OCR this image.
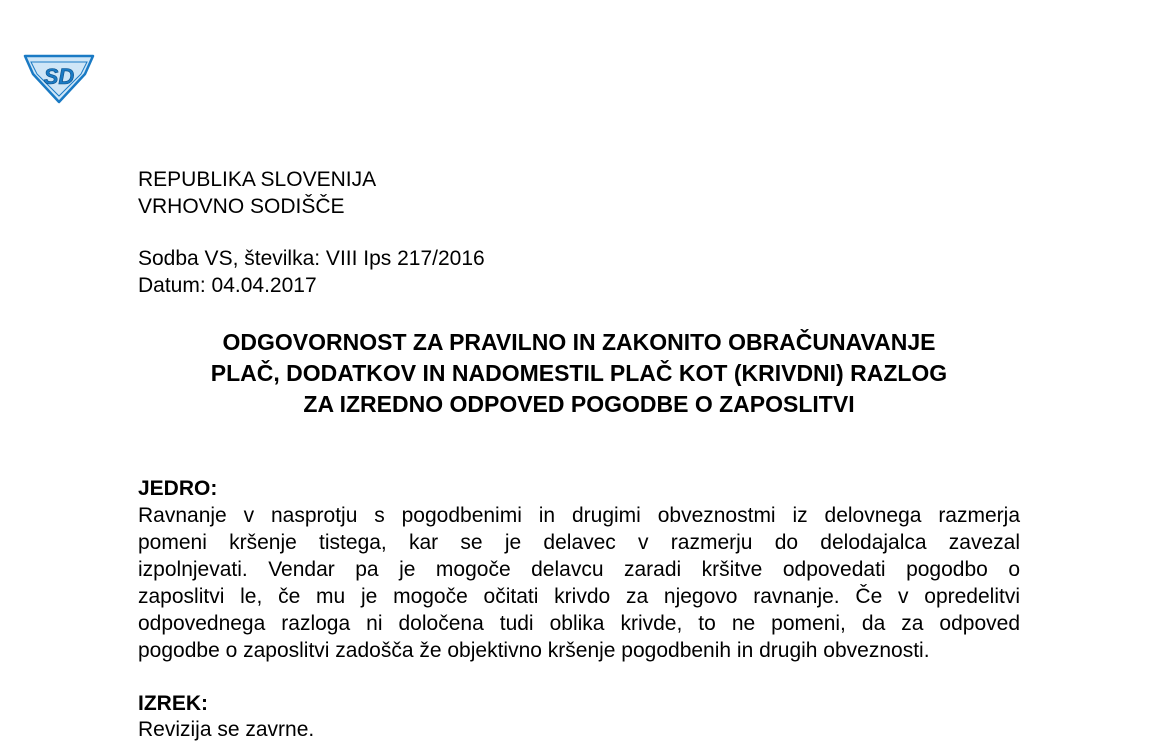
SD
REPUBLIKA SLOVENIJA
VRHOVNO SODIŠČE
Sodba VS, številka: VIII Ips 217/2016
Datum: 04.04.2017
ODGOVORNOST ZA PRAVILNO IN ZAKONITO OBRAČUNAVANJE
PLAČ, DODATKOV IN NADOMESTIL PLAČ KOT (KRIVDNI) RAZLOG
ZA IZREDNO ODPOVED POGODBE O ZAPOSLITVI
JEDRO:
Ravnanje v nasprotju s pogodbenimi in drugimi obveznostmi iz delovnega razmerja
pomeni kršenje tistega, kar se je delavec v razmerju do delodajalca zavezal
izpolnjevati. Vendar pa je mogoče delavcu zaradi kršitve odpovedati pogodbo o
zaposlitvi le, če mu je mogoče očitati krivdo za njegovo ravnanje. Če v opredelitvi
odpovednega razloga ni določena tudi oblika krivde, to ne pomeni, da za odpoved
pogodbe o zaposlitvi zadošča že objektivno kršenje pogodbenih in drugih obveznosti.
IZREK:
Revizija se zavrne.
